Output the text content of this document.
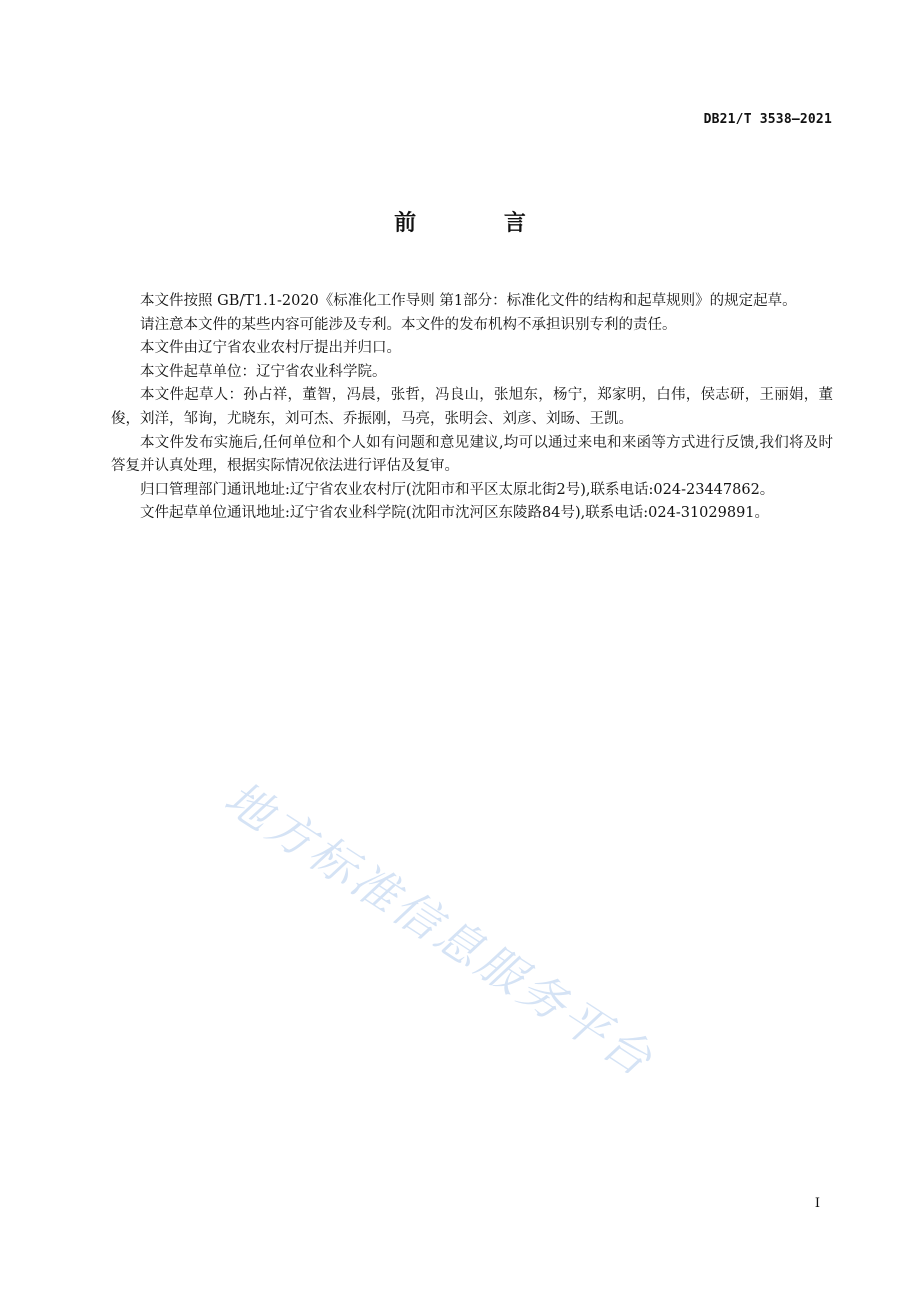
DB21/T 3538—2021
前 言

本文件按照 GB/T1.1-2020《标准化工作导则 第1部分：标准化文件的结构和起草规则》的规定起草。

请注意本文件的某些内容可能涉及专利。本文件的发布机构不承担识别专利的责任。

本文件由辽宁省农业农村厅提出并归口。

本文件起草单位：辽宁省农业科学院。

本文件起草人：孙占祥，董智，冯晨，张哲，冯良山，张旭东，杨宁，郑家明，白伟，侯志研，王丽娟，董俊，刘洋，邹询，尤晓东，刘可杰、乔振刚，马亮，张明会、刘彦、刘旸、王凯。

本文件发布实施后,任何单位和个人如有问题和意见建议,均可以通过来电和来函等方式进行反馈,我们将及时答复并认真处理，根据实际情况依法进行评估及复审。

归口管理部门通讯地址:辽宁省农业农村厅(沈阳市和平区太原北街2号),联系电话:024-23447862。

文件起草单位通讯地址:辽宁省农业科学院(沈阳市沈河区东陵路84号),联系电话:024-31029891。

地方标准信息服务平台
I
